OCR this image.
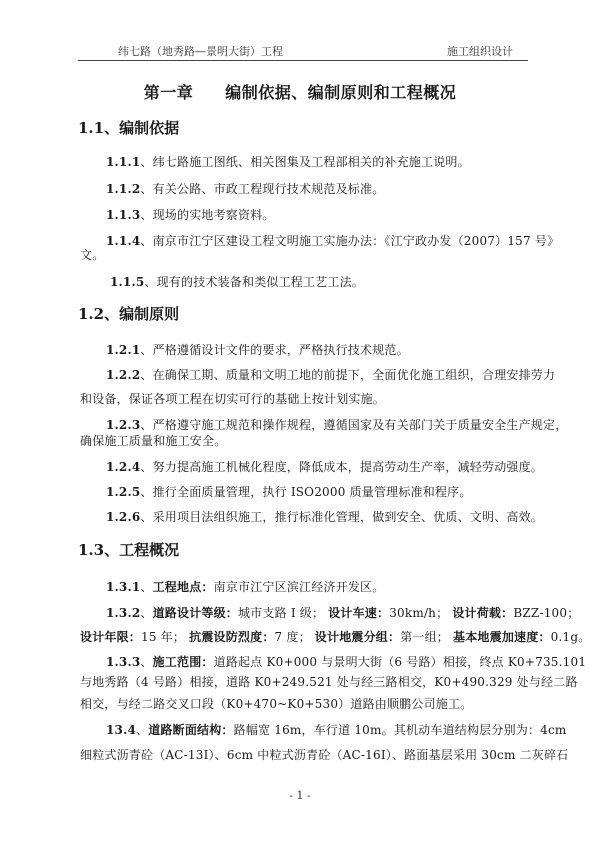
纬七路（地秀路—景明大街）工程	施工组织设计
第一章 编制依据、编制原则和工程概况
1.1、编制依据
1.1.1、纬七路施工图纸、相关图集及工程部相关的补充施工说明。
1.1.2、有关公路、市政工程现行技术规范及标准。
1.1.3、现场的实地考察资料。
1.1.4、南京市江宁区建设工程文明施工实施办法：《江宁政办发（2007）157 号》
文。
1.1.5、现有的技术装备和类似工程工艺工法。
1.2、编制原则
1.2.1、严格遵循设计文件的要求，严格执行技术规范。
1.2.2、在确保工期、质量和文明工地的前提下，全面优化施工组织，合理安排劳力
和设备，保证各项工程在切实可行的基础上按计划实施。
1.2.3、严格遵守施工规范和操作规程，遵循国家及有关部门关于质量安全生产规定，
确保施工质量和施工安全。
1.2.4、努力提高施工机械化程度，降低成本，提高劳动生产率，减轻劳动强度。
1.2.5、推行全面质量管理，执行 ISO2000 质量管理标准和程序。
1.2.6、采用项目法组织施工，推行标准化管理，做到安全、优质、文明、高效。
1.3、工程概况
1.3.1、工程地点：南京市江宁区滨江经济开发区。
1.3.2、道路设计等级：城市支路 I 级； 设计车速：30km/h； 设计荷载：BZZ-100；
设计年限：15 年； 抗震设防烈度：7 度； 设计地震分组：第一组； 基本地震加速度：0.1g。
1.3.3、施工范围：道路起点 K0+000 与景明大街（6 号路）相接，终点 K0+735.101
与地秀路（4 号路）相接，道路 K0+249.521 处与经三路相交，K0+490.329 处与经二路
相交，与经二路交叉口段（K0+470~K0+530）道路由顺鹏公司施工。
13.4、道路断面结构：路幅宽 16m，车行道 10m。其机动车道结构层分别为：4cm
细粒式沥青砼（AC-13I）、6cm 中粒式沥青砼（AC-16I）、路面基层采用 30cm 二灰碎石
- 1 -
